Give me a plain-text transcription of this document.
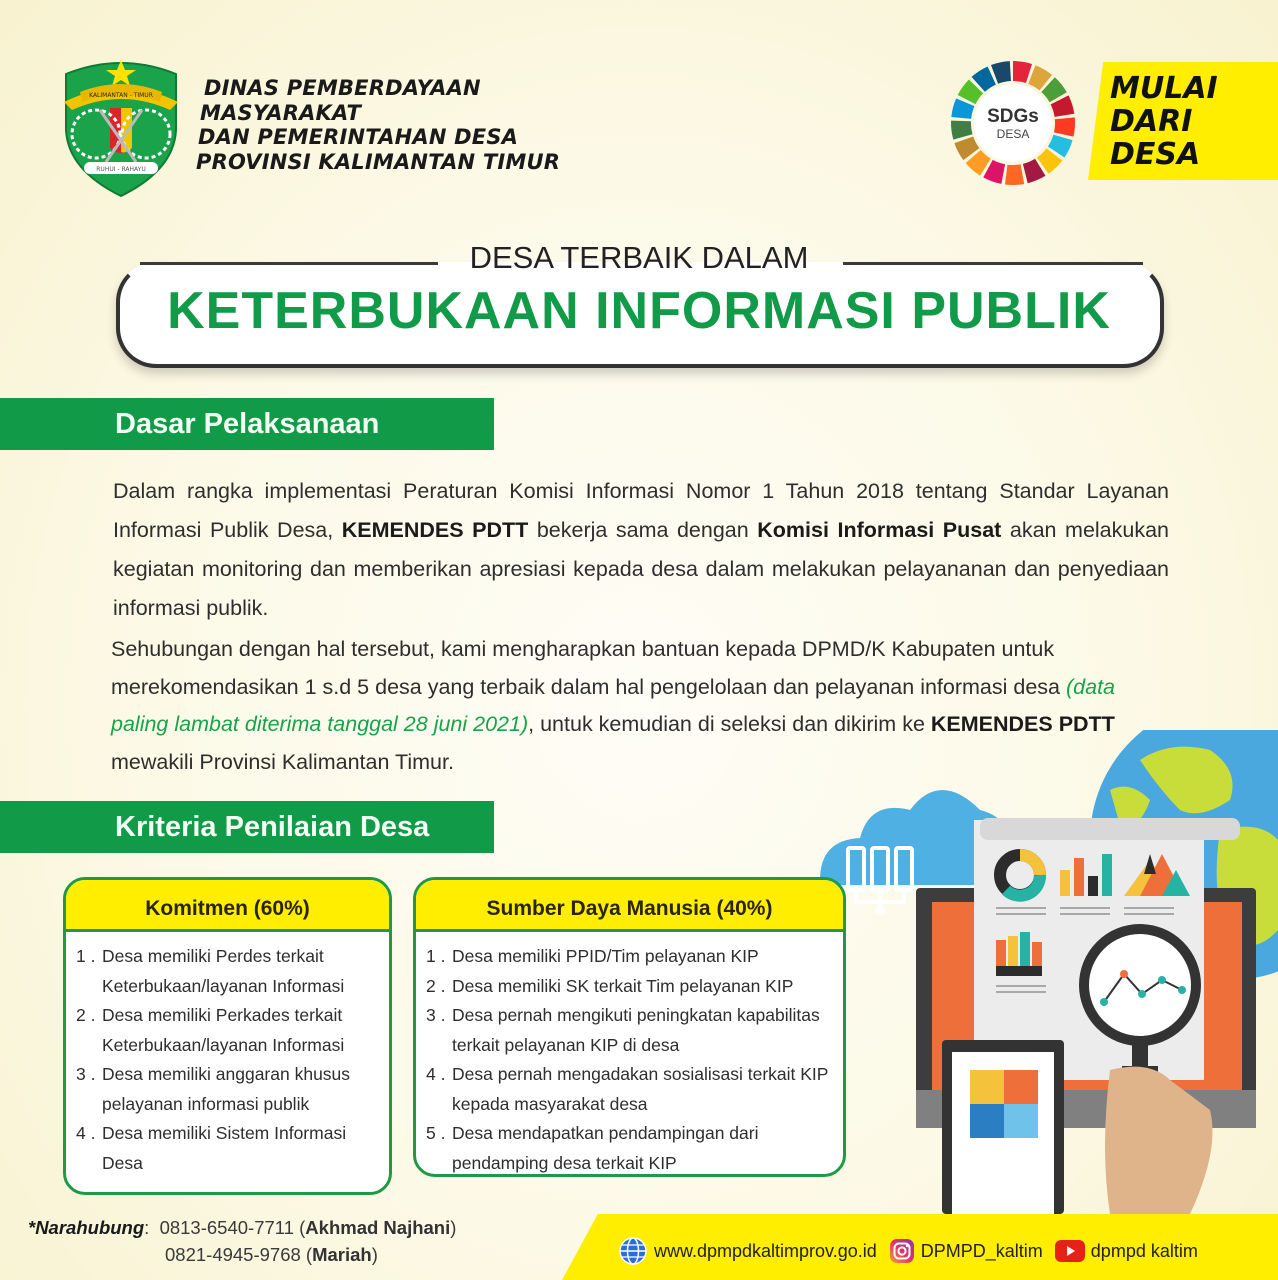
KALIMANTAN - TIMUR
RUHUI - RAHAYU
DINAS PEMBERDAYAAN
MASYARAKAT
DAN PEMERINTAHAN DESA
PROVINSI KALIMANTAN TIMUR
SDGs
DESA
MULAI
DARI
DESA
DESA TERBAIK DALAM
KETERBUKAAN INFORMASI PUBLIK
Dasar Pelaksanaan
Dalam rangka implementasi Peraturan Komisi Informasi Nomor 1 Tahun 2018 tentang Standar Layanan Informasi Publik Desa, KEMENDES PDTT bekerja sama dengan Komisi Informasi Pusat akan melakukan kegiatan monitoring dan memberikan apresiasi kepada desa dalam melakukan pelayananan dan penyediaan informasi publik.
Sehubungan dengan hal tersebut, kami mengharapkan bantuan kepada DPMD/K Kabupaten untuk merekomendasikan 1 s.d 5 desa yang terbaik dalam hal pengelolaan dan pelayanan informasi desa (data paling lambat diterima tanggal 28 juni 2021), untuk kemudian di seleksi dan dikirim ke KEMENDES PDTT mewakili Provinsi Kalimantan Timur.
Kriteria Penilaian Desa
Komitmen (60%)
1 . Desa memiliki Perdes terkait Keterbukaan/layanan Informasi
2 . Desa memiliki Perkades terkait Keterbukaan/layanan Informasi
3 . Desa memiliki anggaran khusus pelayanan informasi publik
4 . Desa memiliki Sistem Informasi Desa
Sumber Daya Manusia (40%)
1 . Desa memiliki PPID/Tim pelayanan KIP
2 . Desa memiliki SK terkait Tim pelayanan KIP
3 . Desa pernah mengikuti peningkatan kapabilitas terkait pelayanan KIP di desa
4 . Desa pernah mengadakan sosialisasi terkait KIP kepada masyarakat desa
5 . Desa mendapatkan pendampingan dari pendamping desa terkait KIP
*Narahubung:  0813-6540-7711 (Akhmad Najhani)
0821-4945-9768 (Mariah)	www.dpmpdkaltimprov.go.id DPMPD_kaltim	dpmpd kaltim
